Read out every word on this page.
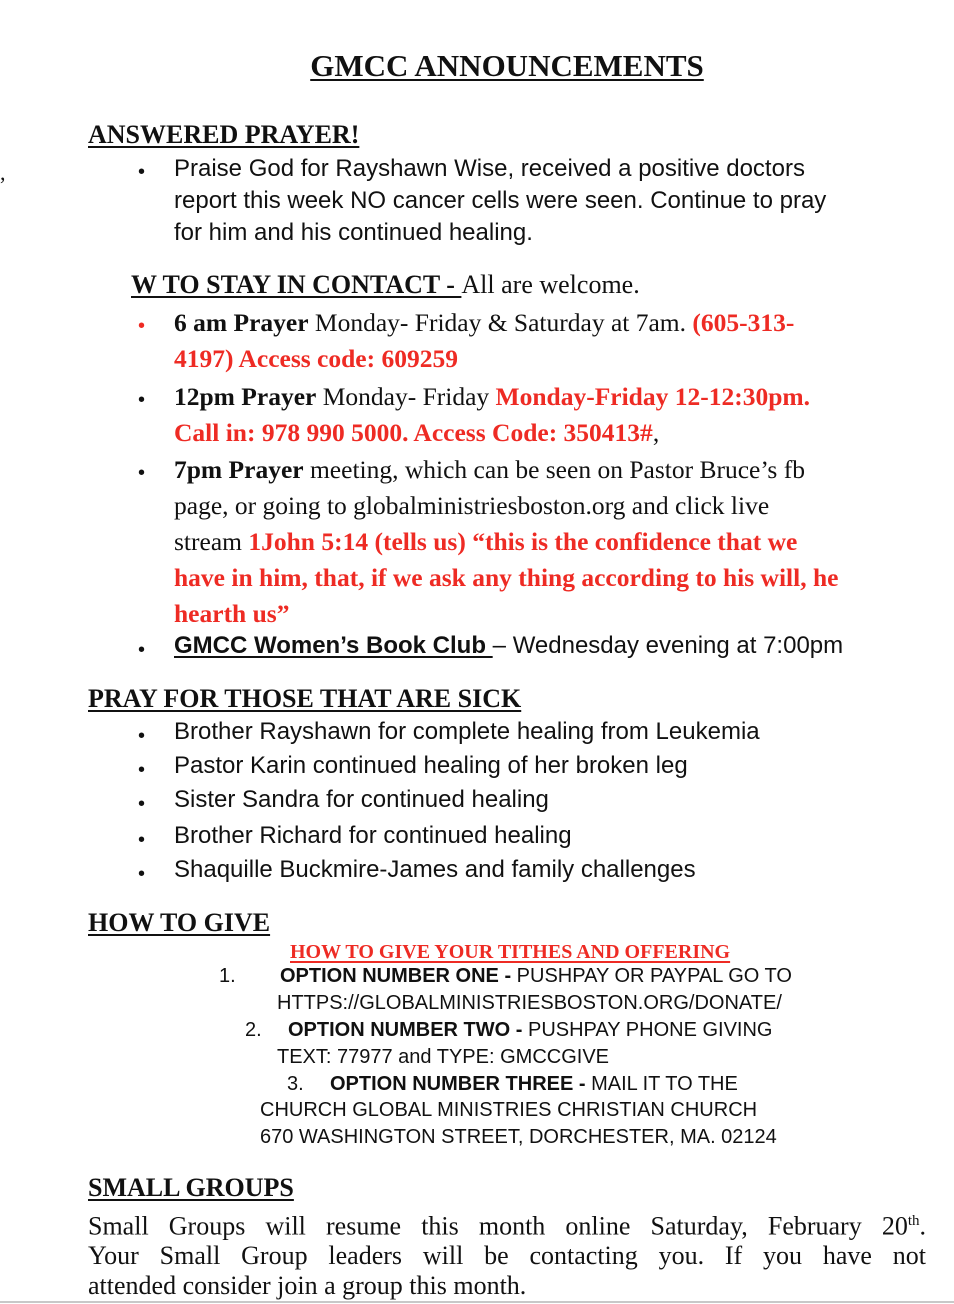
,
GMCC ANNOUNCEMENTS
ANSWERED PRAYER!
• Praise God for Rayshawn Wise, received a positive doctors
report this week NO cancer cells were seen. Continue to pray
for him and his continued healing.
W TO STAY IN CONTACT - All are welcome.
• 6 am Prayer Monday- Friday & Saturday at 7am. (605-313-
4197) Access code: 609259
• 12pm Prayer Monday- Friday Monday-Friday 12-12:30pm.
Call in: 978 990 5000. Access Code: 350413#,
• 7pm Prayer meeting, which can be seen on Pastor Bruce’s fb
page, or going to globalministriesboston.org and click live
stream 1John 5:14 (tells us) “this is the confidence that we
have in him, that, if we ask any thing according to his will, he
hearth us”
• GMCC Women’s Book Club – Wednesday evening at 7:00pm
PRAY FOR THOSE THAT ARE SICK
• Brother Rayshawn for complete healing from Leukemia
• Pastor Karin continued healing of her broken leg
• Sister Sandra for continued healing
• Brother Richard for continued healing
• Shaquille Buckmire-James and family challenges
HOW TO GIVE
HOW TO GIVE YOUR TITHES AND OFFERING
1. OPTION NUMBER ONE - PUSHPAY OR PAYPAL GO TO
HTTPS://GLOBALMINISTRIESBOSTON.ORG/DONATE/
2. OPTION NUMBER TWO - PUSHPAY PHONE GIVING
TEXT: 77977 and TYPE: GMCCGIVE
3. OPTION NUMBER THREE - MAIL IT TO THE
CHURCH GLOBAL MINISTRIES CHRISTIAN CHURCH
670 WASHINGTON STREET, DORCHESTER, MA. 02124
SMALL GROUPS
Small Groups will resume this month online Saturday, February 20th.
Your Small Group leaders will be contacting you. If you have not
attended consider join a group this month.
